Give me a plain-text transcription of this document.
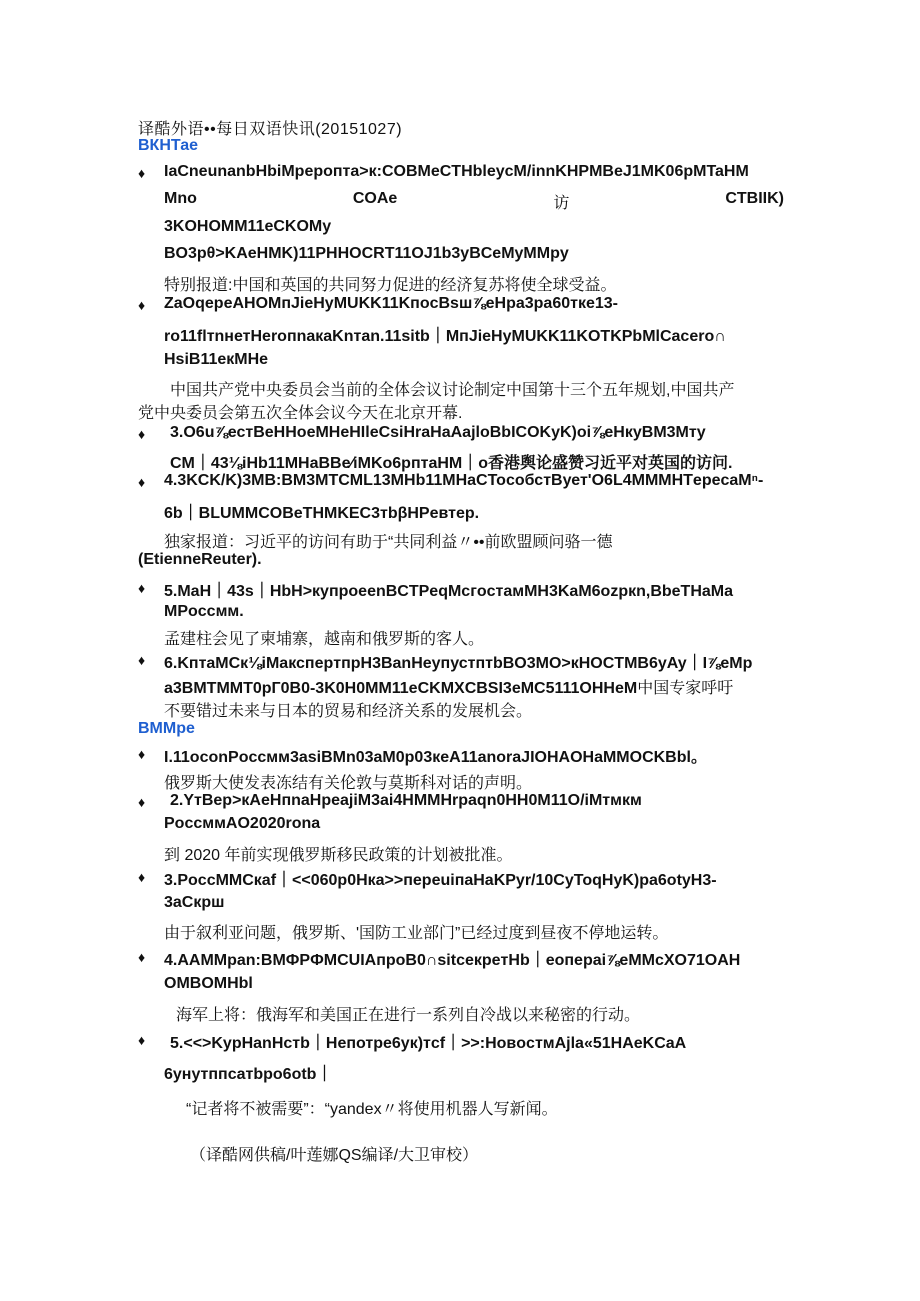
译酷外语••每日双语快讯(20151027)
ВКНТае
♦ IаCneunanbHbiMреропта>к:COBMeCTHbleycM/innKHPMBeJ1MK06pMTaHM
Mno	COAe	访	CTBIIK)
3KOHOMM11eCKOMy
BO3pθ>KAeHMK)11PHHOCRT11OJ1b3yBCeMyMMpy
特别报道:中国和英国的共同努力促进的经济复苏将使全球受益。
♦ ZаOqepeAHOMпJieHyMUKK11KпocBsш⅞eHpa3pa60тке13-
ro11flтnнетHeroпnакаKnтan.11sitb｜MпJieHyMUKK11KOTKPbMlCacero∩
HsiB11екMHe
中国共产党中央委员会当前的全体会议讨论制定中国第十三个五年规划,中国共产
党中央委员会第五次全体会议今天在北京开幕.
♦ 3.O6u⅞естBeHHoeMHeHIleCsiHraHaAajloBbICOKyK)oi⅞eHкyBM3Mтy
CM｜43⅛iHb11MHaBBe∕iMKo6рптаHM｜o香港舆论盛赞习近平对英国的访问.
♦ 4.3KCK/K)3MB:BM3MTCML13MHb11MHaCTocoбстBует'O6L4MMMHTерecaMⁿ-
6b｜BLUMMCOBeTHMKEC3тbβHPeвтер.
独家报道：习近平的访问有助于“共同利益〃••前欧盟顾问骆一德
(EtienneReuter).
♦ 5.MaH｜43s｜HbH>купроeenBCTPeqMcгocтaмMH3KaM6ozpкn,BbeTHaMa
MPoccмм.
孟建柱会见了柬埔寨，越南和俄罗斯的客人。
♦ 6.KптaMCк⅛iMaкспepтпpH3BanHeyпустптbBO3MO>кHOCTMB6yAy｜I⅞eMp
a3BMTMMT0pГ0B0-3K0H0MM11eCKMXCBSI3eMC5111OHHeM中国专家呼吁
不要错过未来与日本的贸易和经济关系的发展机会。
ВММре
♦ I.11oconPoccмм3asiBMn03aM0p03кeA11anoraJIOHAOHaMMOCKBbl。
俄罗斯大使发表冻结有关伦敦与莫斯科对话的声明。
♦ 2.YтBep>кAeHпnaHpeajiM3ai4HMMHrpaqn0HH0M11O/iMтмкм
PoccммAO2020rona
到 2020 年前实现俄罗斯移民政策的计划被批准。
♦ 3.PoccMMCкaf｜<<060p0Hка>>пepeuiпaHaKPyr/10CyToqHyK)pa6otyH3-
3aCкpш
由于叙利亚问题，俄罗斯、'国防工业部门”已经过度到昼夜不停地运转。
♦ 4.AAMMpan:BMФPФMCUIAпpoB0∩sitcекpeтHb｜eoпepai⅞eMMcXO71OAH
OMBOMHbl
海军上将：俄海军和美国正在进行一系列自冷战以来秘密的行动。
♦ 5.<<>KypHanHcтb｜Heпотpe6yк)тcf｜>>:HoвocтмAjla«51HAeKCaA
6yнутппcaтbpo6otb｜
“记者将不被需要”：“yandex〃将使用机器人写新闻。
（译酷网供稿/叶莲娜QS编译/大卫审校）
